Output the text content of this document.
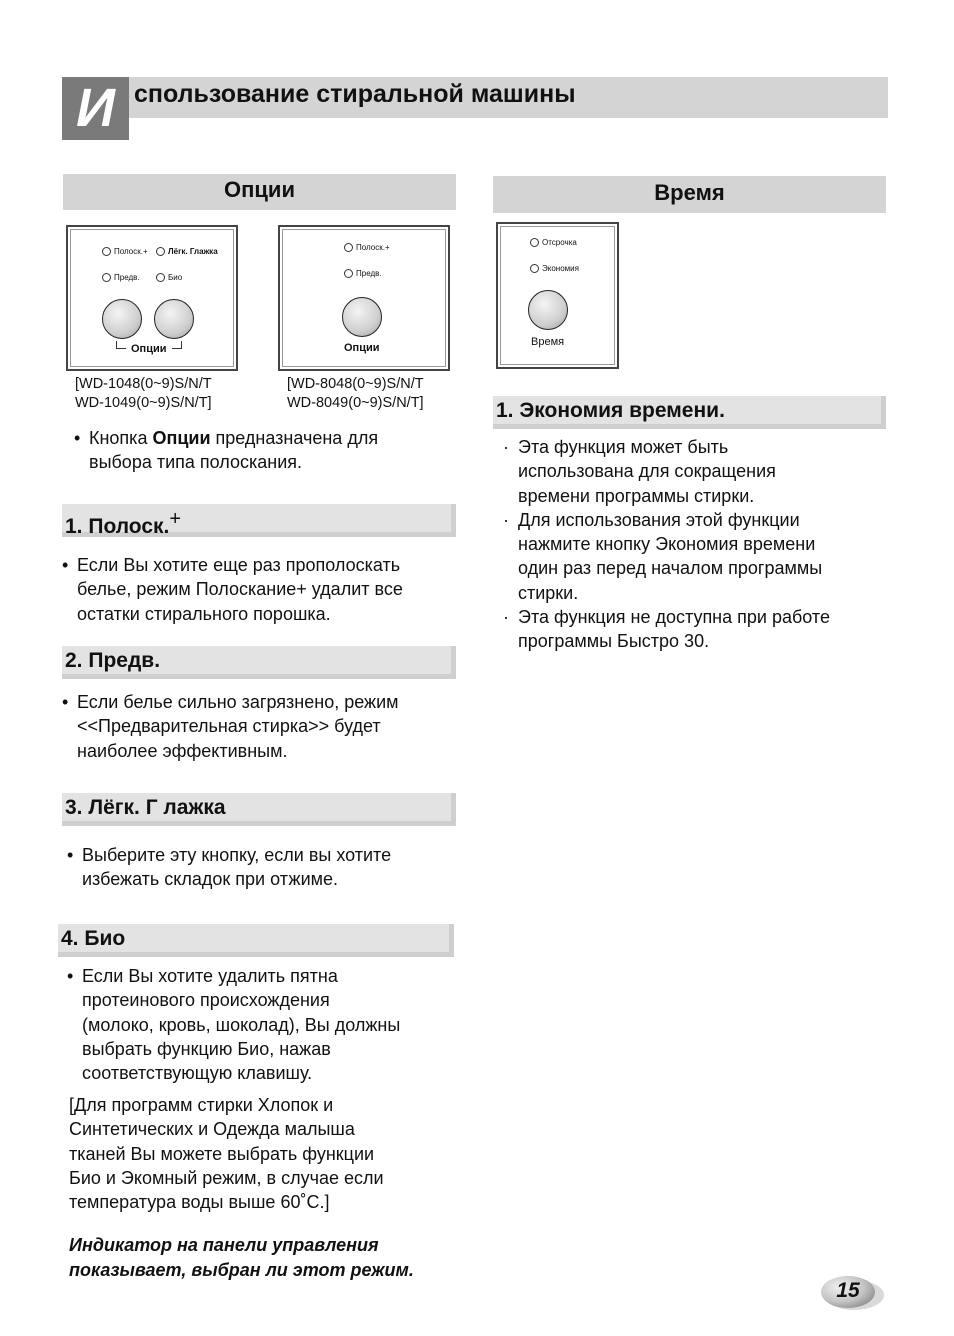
И спользование стиральной машины
Опции
Полоск.+	Лёгк. Глажка
Предв.	Био
Опции
Полоск.+
Предв.
Опции
[WD-1048(0~9)S/N/T
WD-1049(0~9)S/N/T]
[WD-8048(0~9)S/N/T
WD-8049(0~9)S/N/T]
• Кнопка Опции предназначена для
выбора типа полоскания.
1. Полоск.+
• Если Вы хотите еще раз прополоскать
белье, режим Полоскание+ удалит все
остатки стирального порошка.
2. Предв.
• Если белье сильно загрязнено, режим
<<Предварительная стирка>> будет
наиболее эффективным.
3. Лёгк. Г лажка
• Выберите эту кнопку, если вы хотите
избежать складок при отжиме.
4. Био
• Если Вы хотите удалить пятна
протеинового происхождения
(молоко, кровь, шоколад), Вы должны
выбрать функцию Био, нажав
соответствующую клавишу.
[Для программ стирки Хлопок и
Синтетических и Одежда малыша
тканей Вы можете выбрать функции
Био и Экомный режим, в случае если
температура воды выше 60˚C.]
Индикатор на панели управления
показывает, выбран ли этот режим.
Время
Отсрочка
Экономия
Время
1. Экономия времени.
· Эта функция может быть
использована для сокращения
времени программы стирки.
· Для использования этой функции
нажмите кнопку Экономия времени
один раз перед началом программы
стирки.
· Эта функция не доступна при работе
программы Быстро 30.
15
